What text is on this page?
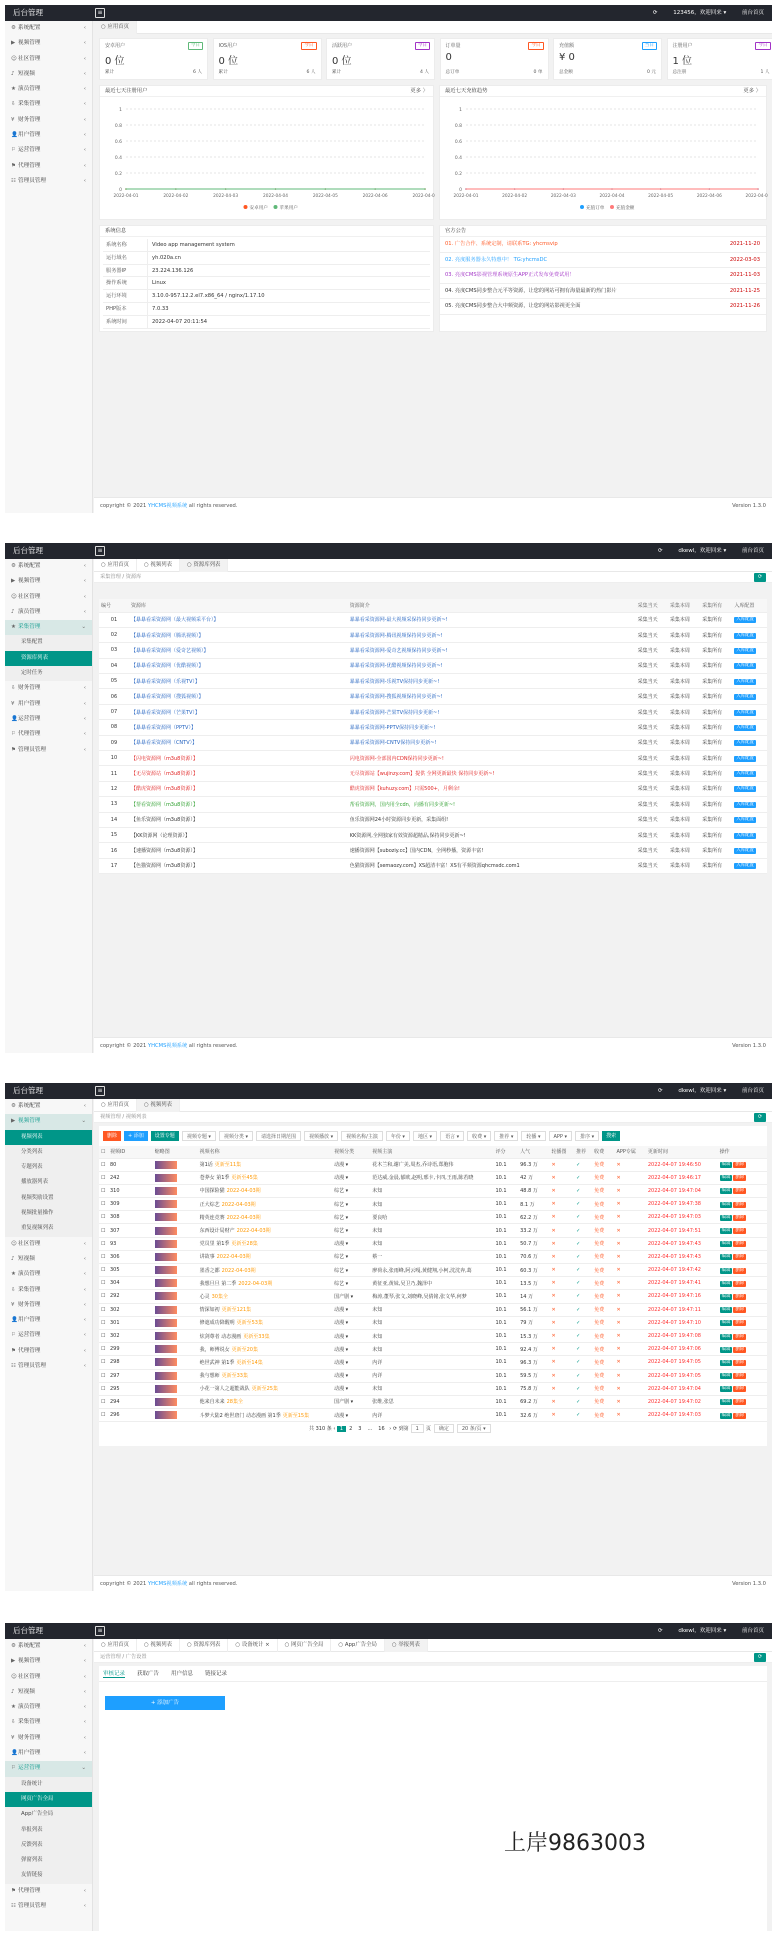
后台管理	≡	⟳	123456，欢迎回来 ▾	前台首页
⚙ 系统配置	‹
▶ 视频管理	‹
☺社区管理	‹
♪ 短视频	‹
★ 演员管理	‹
⇩ 采集管理	‹
¥ 财务管理	‹
👤用户管理	‹
⚐ 运营管理	‹
⚑ 代理管理	‹
☷ 管理员管理	‹
○ 应用首页
安卓用户	今日
0 位
累计	6 人
IOS用户	今日
0 位
累计	6 人
活跃用户	今日
0 位
累计	4 人
订单量	今日
0
总订单	0 单
充值额	当日
¥ 0
总金额	0 元
注册用户	今日
1 位
总注册	1 人
最近七天注册用户	更多 〉
1
0.8
0.6
0.4
0.2
0
2022-04-01	2022-04-02	2022-04-03	2022-04-04	2022-04-05	2022-04-06	2022-04-07
安卓用户	苹果用户
最近七天充值趋势	更多 〉
1
0.8
0.6
0.4
0.2
0
2022-04-01	2022-04-02	2022-04-03	2022-04-04	2022-04-05	2022-04-06	2022-04-07
充值订单	充值金额
系统信息
系统名称	Video app management system
运行域名	yh.020a.cn
服务器IP	23.224.136.126
操作系统	Linux
运行环境	3.10.0-957.12.2.el7.x86_64 / nginx/1.17.10
PHP版本	7.0.33
系统时间	2022-04-07 20:11:54
官方公告
01. 广告合作、系统定制，请联系TG: yhcmsvip	2021-11-20
02. 亮度服务器永久特惠中！ TG:yhcmsDC	2022-03-03
03. 亮度CMS影视管理系统原生APP正式发布免费试用！	2021-11-03
04. 亮度CMS同步整合元平等资源，让您的网站可拥有海量最新的热门影片	2021-11-25
05. 亮度CMS同步整合大中频资源，让您的网站影视更全面	2021-11-26
copyright © 2021 YHCMS视频系统 all rights reserved.	Version 1.3.0
后台管理	≡	⟳	dkewl，欢迎回来 ▾	前台首页
⚙ 系统配置	‹
▶ 视频管理	‹
☺社区管理	‹
♪ 演员管理	‹
★ 采集管理	⌄
采集配置
资源库列表
定时任务
⇩ 财务管理	‹
¥ 用户管理	‹
👤运营管理	‹
⚐ 代理管理	‹
⚑ 管理员管理	‹
○ 应用首页	○ 视频列表	○ 资源库列表
采集管理 / 资源库	⟳
编号	资源库	资源简介	采集当天	采集本周	采集所有	入库配置
01	【暴暴看采资源网（最大视频采平台）】	暴暴看采资源网-最大视频采保持同步更新~!	采集当天	采集本周	采集所有	入库配置
02	【暴暴看采资源网（腾讯视频）】	暴暴看采资源网-腾讯视频保持同步更新~!	采集当天	采集本周	采集所有	入库配置
03	【暴暴看采资源网（爱奇艺视频）】	暴暴看采资源网-爱奇艺视频保持同步更新~!	采集当天	采集本周	采集所有	入库配置
04	【暴暴看采资源网（优酷视频）】	暴暴看采资源网-优酷视频保持同步更新~!	采集当天	采集本周	采集所有	入库配置
05	【暴暴看采资源网（乐视TV）】	暴暴看采资源网-乐视TV保持同步更新~!	采集当天	采集本周	采集所有	入库配置
06	【暴暴看采资源网（搜狐视频）】	暴暴看采资源网-搜狐视频保持同步更新~!	采集当天	采集本周	采集所有	入库配置
07	【暴暴看采资源网（芒果TV）】	暴暴看采资源网-芒果TV保持同步更新~!	采集当天	采集本周	采集所有	入库配置
08	【暴暴看采资源网（PPTV）】	暴暴看采资源网-PPTV保持同步更新~!	采集当天	采集本周	采集所有	入库配置
09	【暴暴看采资源网（CNTV）】	暴暴看采资源网-CNTV保持同步更新~!	采集当天	采集本周	采集所有	入库配置
10	【闪电资源网（m3u8资源）】	闪电资源网-全部国内CDN保持同步更新~!	采集当天	采集本周	采集所有	入库配置
11	【无尽资源站（m3u8资源）】	无尽资源站【wujinzy.com】提供 全网更新最快 保持同步更新~!	采集当天	采集本周	采集所有	入库配置
12	【酷虎资源网（m3u8资源）】	酷虎资源网【kuhuzy.com】只需500+，月剩余!	采集当天	采集本周	采集所有	入库配置
13	【帮看资源网（m3u8资源）】	帮看资源网，国内用全cdn，向播有同步更新~!	采集当天	采集本周	采集所有	入库配置
14	【鱼乐资源网（m3u8资源）】	鱼乐资源网24小时资源同步更新，采集面组!	采集当天	采集本周	采集所有	入库配置
15	【KK资源网（论理资源）】	KK资源网,全网独家有效资源超精品,保持同步更新~!	采集当天	采集本周	采集所有	入库配置
16	【速播资源网（m3u8资源）】	速播资源网【suboziy.cc】国内CDN，全网秒播，资源丰富!	采集当天	采集本周	采集所有	入库配置
17	【色猫资源网（m3u8资源）】	色猫资源网【semaozy.com】XS超清丰富！XS有平频资源qhcmsdc.com1	采集当天	采集本周	采集所有	入库配置
copyright © 2021 YHCMS视频系统 all rights reserved.	Version 1.3.0
后台管理	≡	⟳	dkewl，欢迎回来 ▾	前台首页
⚙ 系统配置	‹
▶ 视频管理	⌄
视频列表
分类列表
专题列表
播放器列表
视频奖励设置
视频批量操作
重复视频列表
☺社区管理	‹
♪ 短视频	‹
★ 演员管理	‹
⇩ 采集管理	‹
¥ 财务管理	‹
👤用户管理	‹
⚐ 运营管理	‹
⚑ 代理管理	‹
☷ 管理员管理	‹
○ 应用首页	○ 视频列表
视频管理 / 视频列表	⟳
删除 + 添加 设置专题 视频专题 ▾	视频分类 ▾	请选择日期范围	视频播放 ▾	视频名称/主演	年份 ▾	地区 ▾	语言 ▾	收费 ▾	推荐 ▾	轮播 ▾	APP ▾	排序 ▾ 搜索
☐	视频ID	缩略图	视频名称	视频分类	视频主演	评分	人气	轮播图	推荐	收费	APP专属	更新时间	操作
☐	80		第1话 更新至11集	动漫 ▾	花木兰和,谢广美,周杰,乔诗语,郑胞伟	10.1	96.3 万	✕	✓	免费	✕	2022-04-07 19:46:50	编辑 删除
☐	242		苍莽女 第1季 更新至45集	动漫 ▾	范达威,金晨,郁欧,赵明,邢卡,卡四,王雨,陈若晓	10.1	42 万	✕	✓	免费	✕	2022-04-07 19:46:17	编辑 删除
☐	310		中国探险猫 2022-04-03期	综艺 ▾	未知	10.1	48.8 万	✕	✓	免费	✕	2022-04-07 19:47:04	编辑 删除
☐	309		正大综艺 2022-04-03期	综艺 ▾	未知	10.1	8.1 万	✕	✓	免费	✕	2022-04-07 19:47:38	编辑 删除
☐	308		精英连竞赛 2022-04-03期	综艺 ▾	要良哈	10.1	62.2 万	✕	✓	免费	✕	2022-04-07 19:47:03	编辑 删除
☐	307		东西设计局财产 2022-04-03期	综艺 ▾	未知	10.1	33.2 万	✕	✓	免费	✕	2022-04-07 19:47:51	编辑 删除
☐	93		党员里 第1季 更新至28集	动漫 ▾	未知	10.1	50.7 万	✕	✓	免费	✕	2022-04-07 19:47:43	编辑 删除
☐	306		讲故事 2022-04-03期	综艺 ▾	蔡一	10.1	70.6 万	✕	✓	免费	✕	2022-04-07 19:47:43	编辑 删除
☐	305		墨香之都 2022-04-03期	综艺 ▾	廖荷永,张雨峰,阿云嘎,黄健翔,小柯,沈沈奔,葛	10.1	60.3 万	✕	✓	免费	✕	2022-04-07 19:47:42	编辑 删除
☐	304		我想旦旦 第二季 2022-04-03期	综艺 ▾	黄征亚,黄妹,吴卫乃,魏泽中	10.1	13.5 万	✕	✓	免费	✕	2022-04-07 19:47:41	编辑 删除
☐	292		心灵 30集全	国产剧 ▾	梅涛,董琴,张文,刘晓峰,吴倩铭,张文华,何梦	10.1	14 万	✕	✓	免费	✕	2022-04-07 19:47:16	编辑 删除
☐	302		情深如初 更新至121集	动漫 ▾	未知	10.1	56.1 万	✕	✓	免费	✕	2022-04-07 19:47:11	编辑 删除
☐	301		修遮成功降醒明 更新至53集	动漫 ▾	未知	10.1	79 万	✕	✓	免费	✕	2022-04-07 19:47:10	编辑 删除
☐	302		炫剑尊者 动态漫画 更新至33集	动漫 ▾	未知	10.1	15.3 万	✕	✓	免费	✕	2022-04-07 19:47:08	编辑 删除
☐	299		我，师傅说女 更新至20集	动漫 ▾	未知	10.1	92.4 万	✕	✓	免费	✕	2022-04-07 19:47:06	编辑 删除
☐	298		绝世武神 第1季 更新至14集	动漫 ▾	内详	10.1	96.3 万	✕	✓	免费	✕	2022-04-07 19:47:05	编辑 删除
☐	297		我与想师 更新至33集	动漫 ▾	内详	10.1	59.5 万	✕	✓	免费	✕	2022-04-07 19:47:05	编辑 删除
☐	295		小花一第人之超能战队 更新至25集	动漫 ▾	未知	10.1	75.8 万	✕	✓	免费	✕	2022-04-07 19:47:04	编辑 删除
☐	294		他来自未来 28集全	国产剧 ▾	张维,张思	10.1	69.2 万	✕	✓	免费	✕	2022-04-07 19:47:02	编辑 删除
☐	296		斗梦大陆2 绝世唐门 动态漫画 第1季 更新至15集	动漫 ▾	内详	10.1	32.6 万	✕	✓	免费	✕	2022-04-07 19:47:03	编辑 删除
共 310 条 ‹ 1 2 3 ... 16 › ⟳ 到第 1 页 确定	20 条/页 ▾
copyright © 2021 YHCMS视频系统 all rights reserved.	Version 1.3.0
后台管理	≡	⟳	dkewl，欢迎回来 ▾	前台首页
⚙ 系统配置	‹
▶ 视频管理	‹
☺社区管理	‹
♪ 短视频	‹
★ 演员管理	‹
⇩ 采集管理	‹
¥ 财务管理	‹
👤用户管理	‹
⚐ 运营管理	⌄
设备统计
网页广告全局
App广告全局
举报列表
反馈列表
弹窗列表
友情链接
⚑ 代理管理	‹
☷ 管理员管理	‹
○ 应用首页	○ 视频列表	○ 资源库列表	○ 设备统计 ×	○ 网页广告全局	○ App广告全局	○ 举报列表
运营管理 / 广告设置	⟳
审核记录 获取广告 用户信息 链接记录
+ 添加广告
上岸9863003
